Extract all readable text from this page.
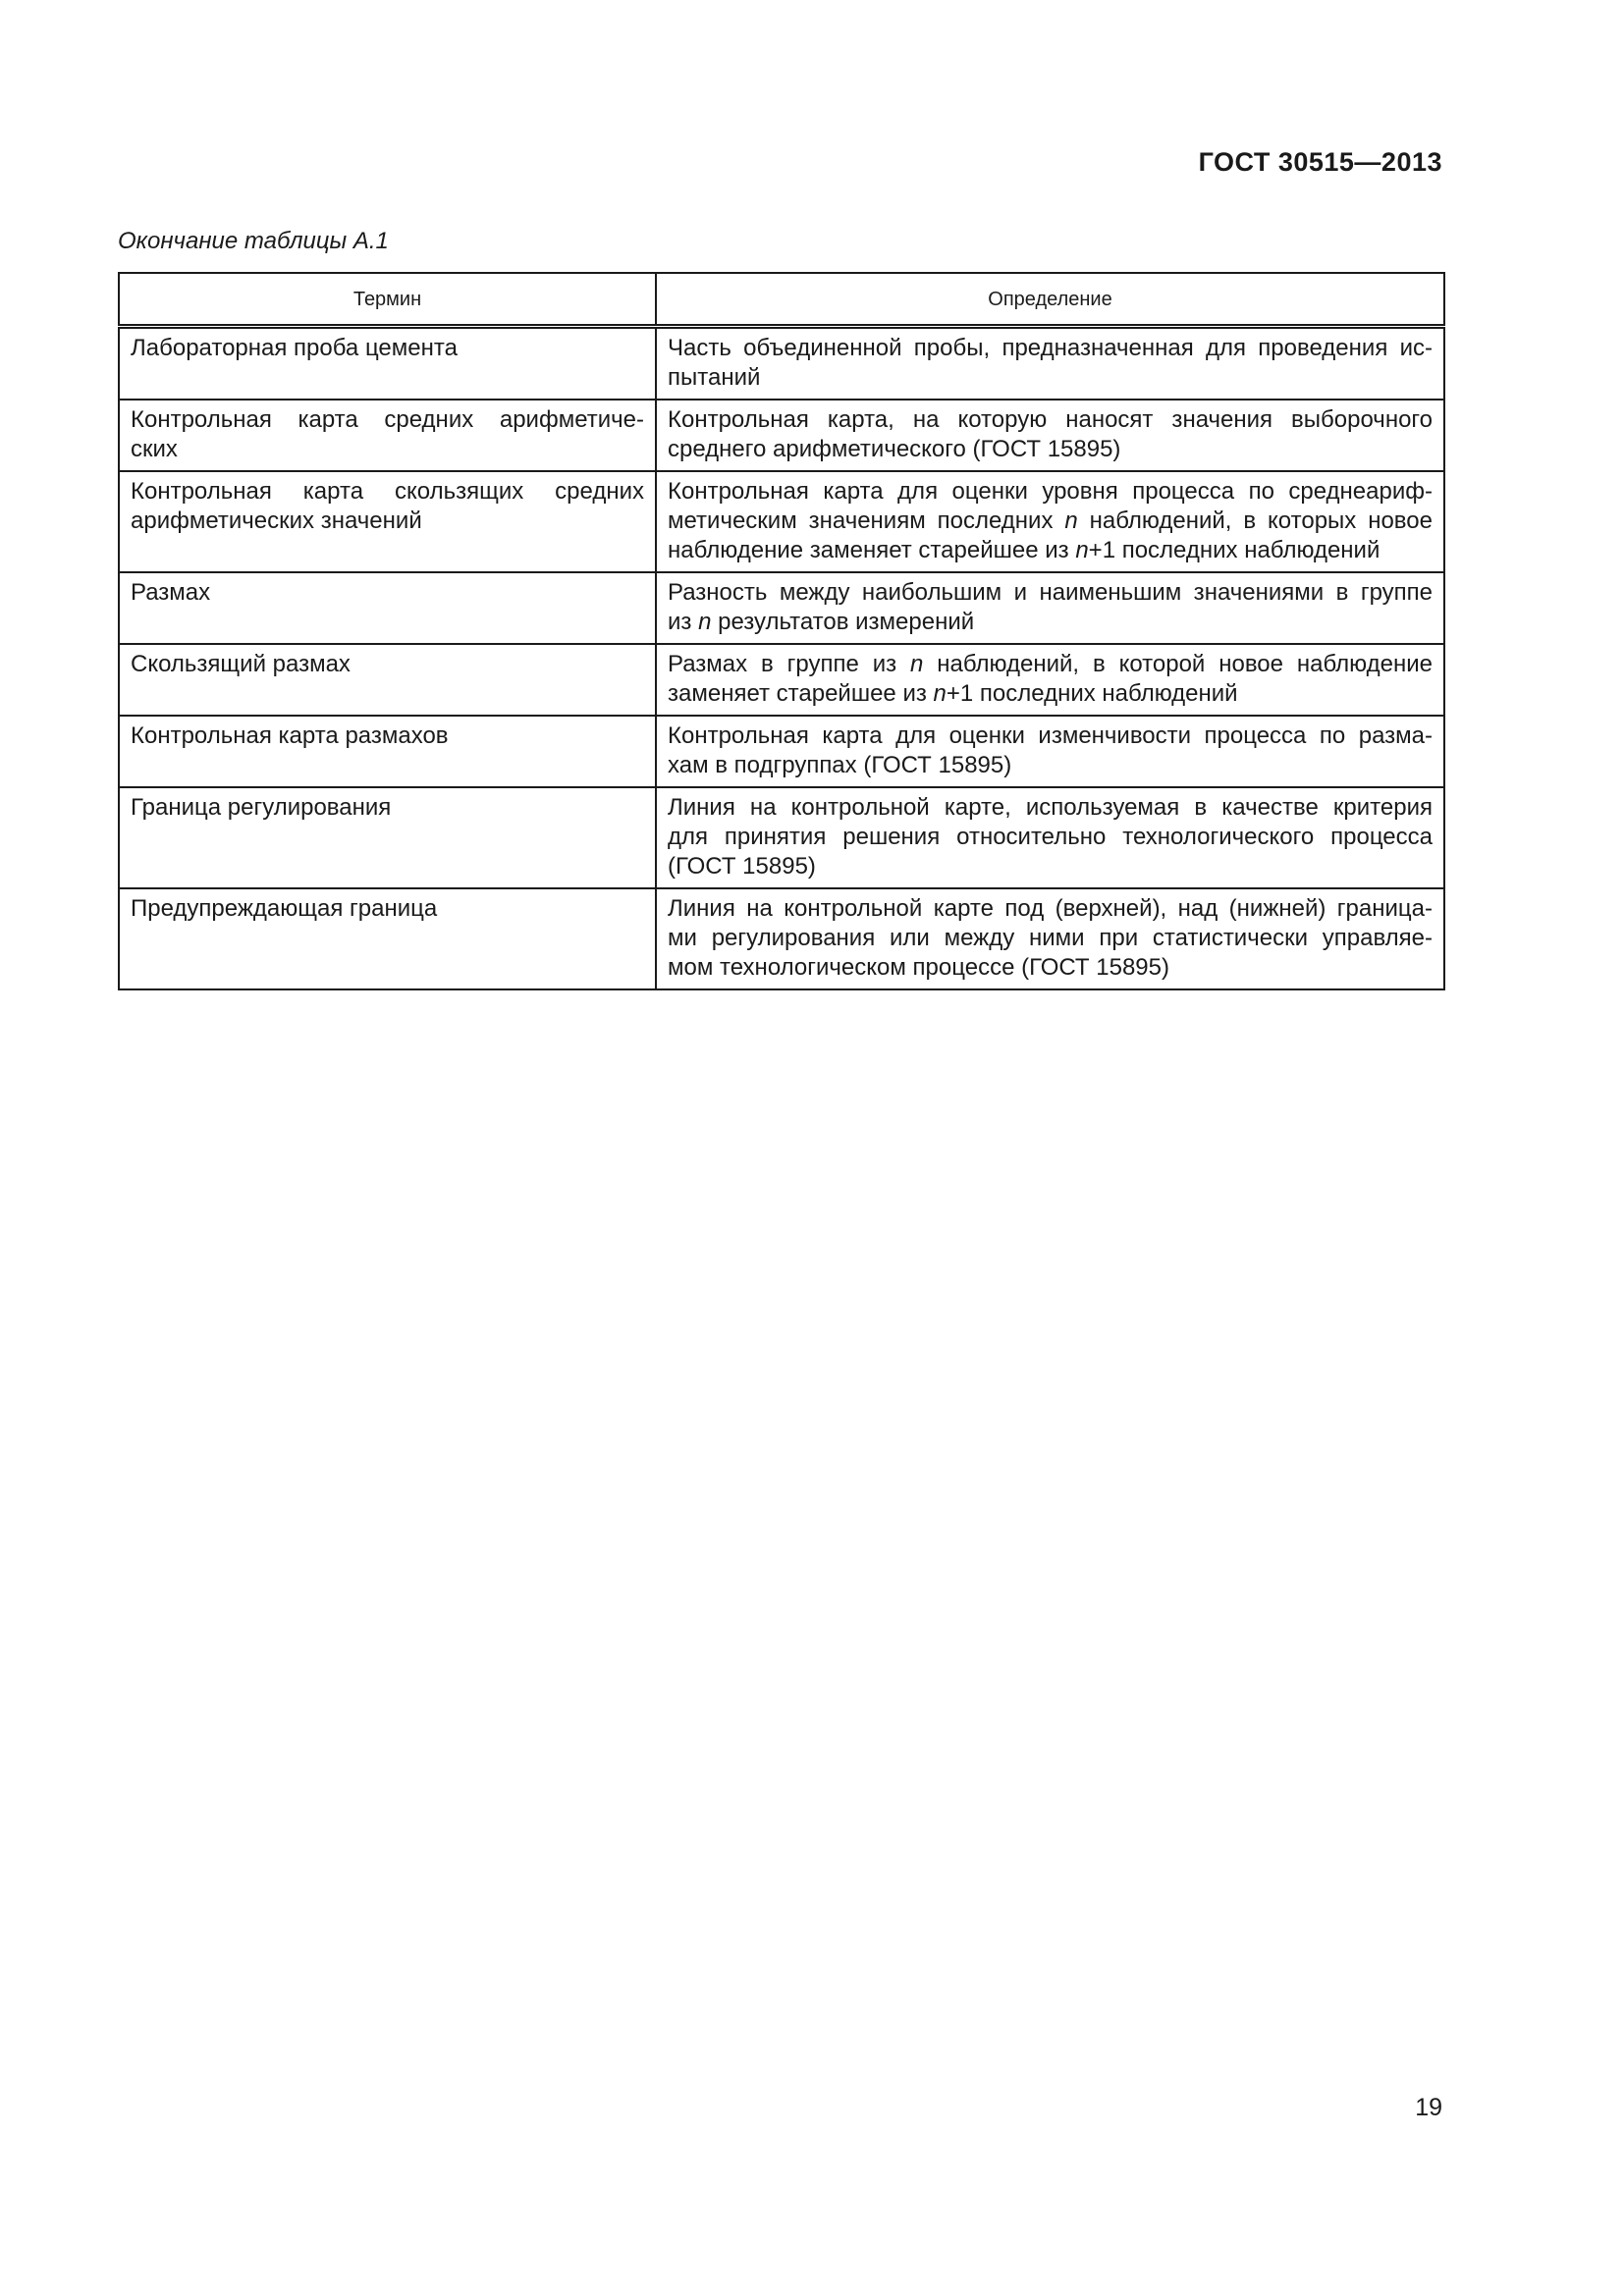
ГОСТ 30515—2013
Окончание таблицы А.1
Термин	Определение

Лабораторная проба цемента	Часть объединенной пробы, предназначенная для проведения ис-
пытаний

Контрольная карта средних арифметиче-
ских	Контрольная карта, на которую наносят значения выборочного
среднего арифметического (ГОСТ 15895)

Контрольная карта скользящих средних
арифметических значений	Контрольная карта для оценки уровня процесса по среднеариф-
метическим значениям последних n наблюдений, в которых новое
наблюдение заменяет старейшее из n+1 последних наблюдений

Размах	Разность между наибольшим и наименьшим значениями в группе
из n результатов измерений

Скользящий размах	Размах в группе из n наблюдений, в которой новое наблюдение
заменяет старейшее из n+1 последних наблюдений

Контрольная карта размахов	Контрольная карта для оценки изменчивости процесса по разма-
хам в подгруппах (ГОСТ 15895)

Граница регулирования	Линия на контрольной карте, используемая в качестве критерия
для принятия решения относительно технологического процесса
(ГОСТ 15895)

Предупреждающая граница	Линия на контрольной карте под (верхней), над (нижней) граница-
ми регулирования или между ними при статистически управляе-
мом технологическом процессе (ГОСТ 15895)
19
